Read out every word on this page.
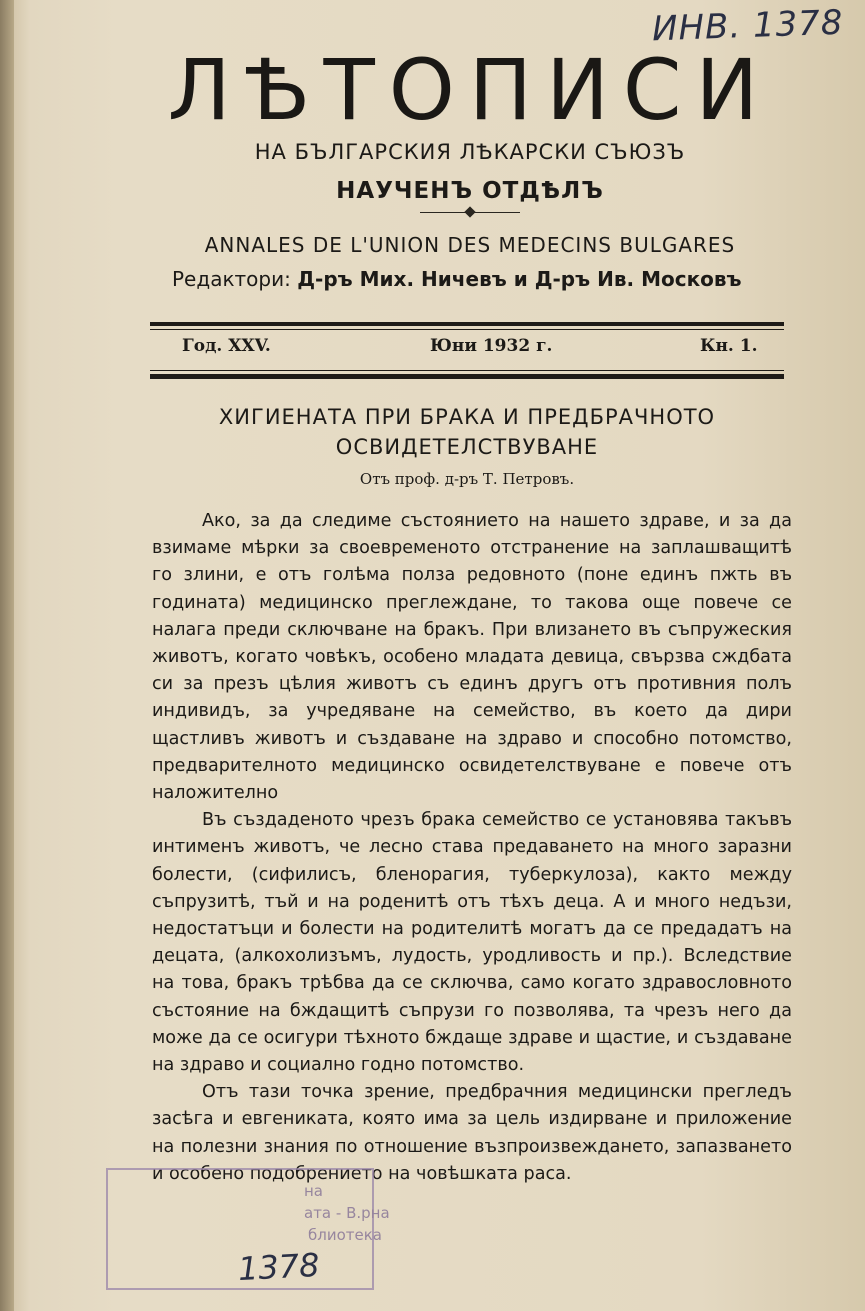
ИНВ. 1378
ЛѢТОПИСИ
НА БЪЛГАРСКИЯ ЛѢКАРСКИ СЪЮЗЪ
НАУЧЕНЪ ОТДѢЛЪ
ANNALES DE L'UNION DES MEDECINS BULGARES
Редактори: Д-ръ Мих. Ничевъ и Д-ръ Ив. Московъ
Год. XXV.	Юни 1932 г.	Кн. 1.
ХИГИЕНАТА ПРИ БРАКА И ПРЕДБРАЧНОТО
ОСВИДЕТЕЛСТВУВАНЕ
Отъ проф. д-ръ Т. Петровъ.

Ако, за да следиме състоянието на нашето здраве, и за да взимаме мѣрки за своевременото отстранение на заплашващитѣ го злини, е отъ голѣма полза редовното (поне единъ пжть въ годината) медицинско преглеждане, то такова още повече се налага преди сключване на бракъ. При влизането въ съпружеския животъ, когато човѣкъ, особено младата девица, свързва сждбата си за презъ цѣлия животъ съ единъ другъ отъ противния полъ индивидъ, за учредяване на семейство, въ което да дири щастливъ животъ и създаване на здраво и способно потомство, предварителното медицинско освидетелствуване е повече отъ наложително

Въ създаденото чрезъ брака семейство се установява такъвъ интименъ животъ, че лесно става предаването на много заразни болести, (сифилисъ, бленорагия, туберкулоза), както между съпрузитѣ, тъй и на роденитѣ отъ тѣхъ деца. А и много недъзи, недостатъци и болести на родителитѣ могатъ да се предадатъ на децата, (алкохолизъмъ, лудость, уродливость и пр.). Вследствие на това, бракъ трѣбва да се сключва, само когато здравословното състояние на бждащитѣ съпрузи го позволява, та чрезъ него да може да се осигури тѣхното бждаще здраве и щастие, и създаване на здраво и социално годно потомство.

Отъ тази точка зрение, предбрачния медицински прегледъ засѣга и евгениката, която има за цель издирване и приложение на полезни знания по отношение възпроизвеждането, запазването и особено подобрението на човѣшката раса.

на
ата - В.рна
блиотека
1378
